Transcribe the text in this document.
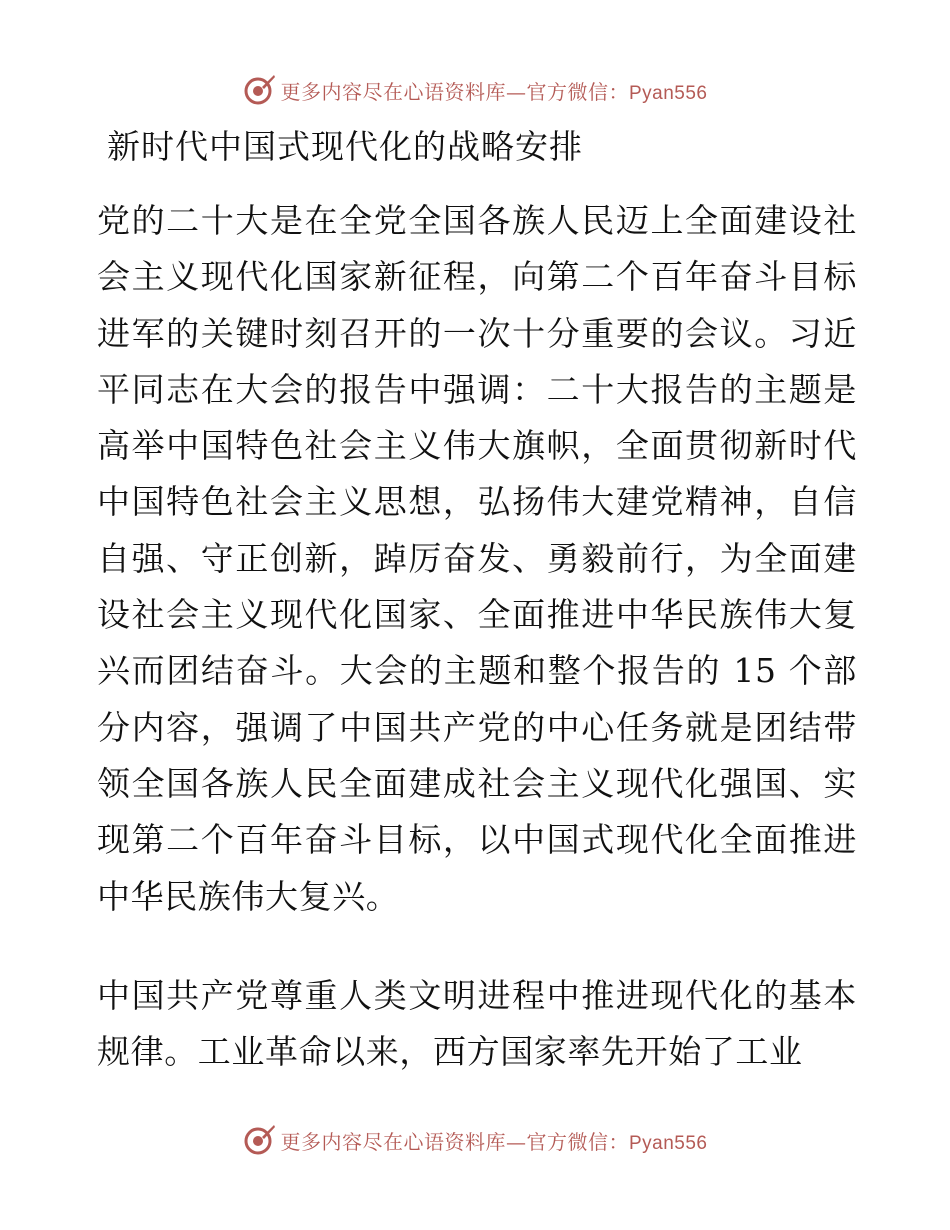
更多内容尽在心语资料库—官方微信：Pyan556
新时代中国式现代化的战略安排

党的二十大是在全党全国各族人民迈上全面建设社会主义现代化国家新征程，向第二个百年奋斗目标进军的关键时刻召开的一次十分重要的会议。习近平同志在大会的报告中强调：二十大报告的主题是高举中国特色社会主义伟大旗帜，全面贯彻新时代中国特色社会主义思想，弘扬伟大建党精神，自信自强、守正创新，踔厉奋发、勇毅前行，为全面建设社会主义现代化国家、全面推进中华民族伟大复兴而团结奋斗。大会的主题和整个报告的 15 个部分内容，强调了中国共产党的中心任务就是团结带领全国各族人民全面建成社会主义现代化强国、实现第二个百年奋斗目标，以中国式现代化全面推进中华民族伟大复兴。

中国共产党尊重人类文明进程中推进现代化的基本规律。工业革命以来，西方国家率先开始了工业

更多内容尽在心语资料库—官方微信：Pyan556
